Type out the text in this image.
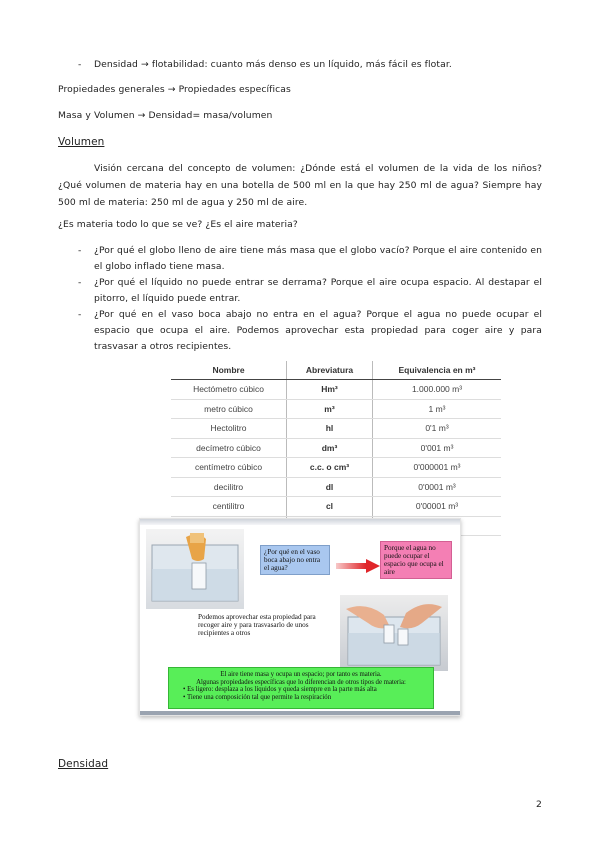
- Densidad → flotabilidad: cuanto más denso es un líquido, más fácil es flotar.
Propiedades generales → Propiedades específicas
Masa y Volumen → Densidad= masa/volumen
Volumen
Visión cercana del concepto de volumen: ¿Dónde está el volumen de la vida de los niños? ¿Qué volumen de materia hay en una botella de 500 ml en la que hay 250 ml de agua? Siempre hay 500 ml de materia: 250 ml de agua y 250 ml de aire.
¿Es materia todo lo que se ve? ¿Es el aire materia?
- ¿Por qué el globo lleno de aire tiene más masa que el globo vacío? Porque el aire contenido en el globo inflado tiene masa.
- ¿Por qué el líquido no puede entrar se derrama? Porque el aire ocupa espacio. Al destapar el pitorro, el líquido puede entrar.
- ¿Por qué en el vaso boca abajo no entra en el agua? Porque el agua no puede ocupar el espacio que ocupa el aire. Podemos aprovechar esta propiedad para coger aire y para trasvasar a otros recipientes.
Nombre	Abreviatura	Equivalencia en m³
Hectómetro cúbico	Hm³	1.000.000 m³
metro cúbico	m³	1 m³
Hectolitro	hl	0'1 m³
decímetro cúbico	dm³	0'001 m³
centímetro cúbico	c.c. o cm³	0'000001 m³
decilitro	dl	0'0001 m³
centilitro	cl	0'00001 m³

¿Por qué en el vaso boca abajo no entra el agua?
Porque el agua no puede ocupar el espacio que ocupa el aire
Podemos aprovechar esta propiedad para recoger aire y para trasvasarlo de unos recipientes a otros
El aire tiene masa y ocupa un espacio; por tanto es materia.
Algunas propiedades específicas que lo diferencian de otros tipos de materia:
• Es ligero: desplaza a los líquidos y queda siempre en la parte más alta
• Tiene una composición tal que permite la respiración
Densidad
2
